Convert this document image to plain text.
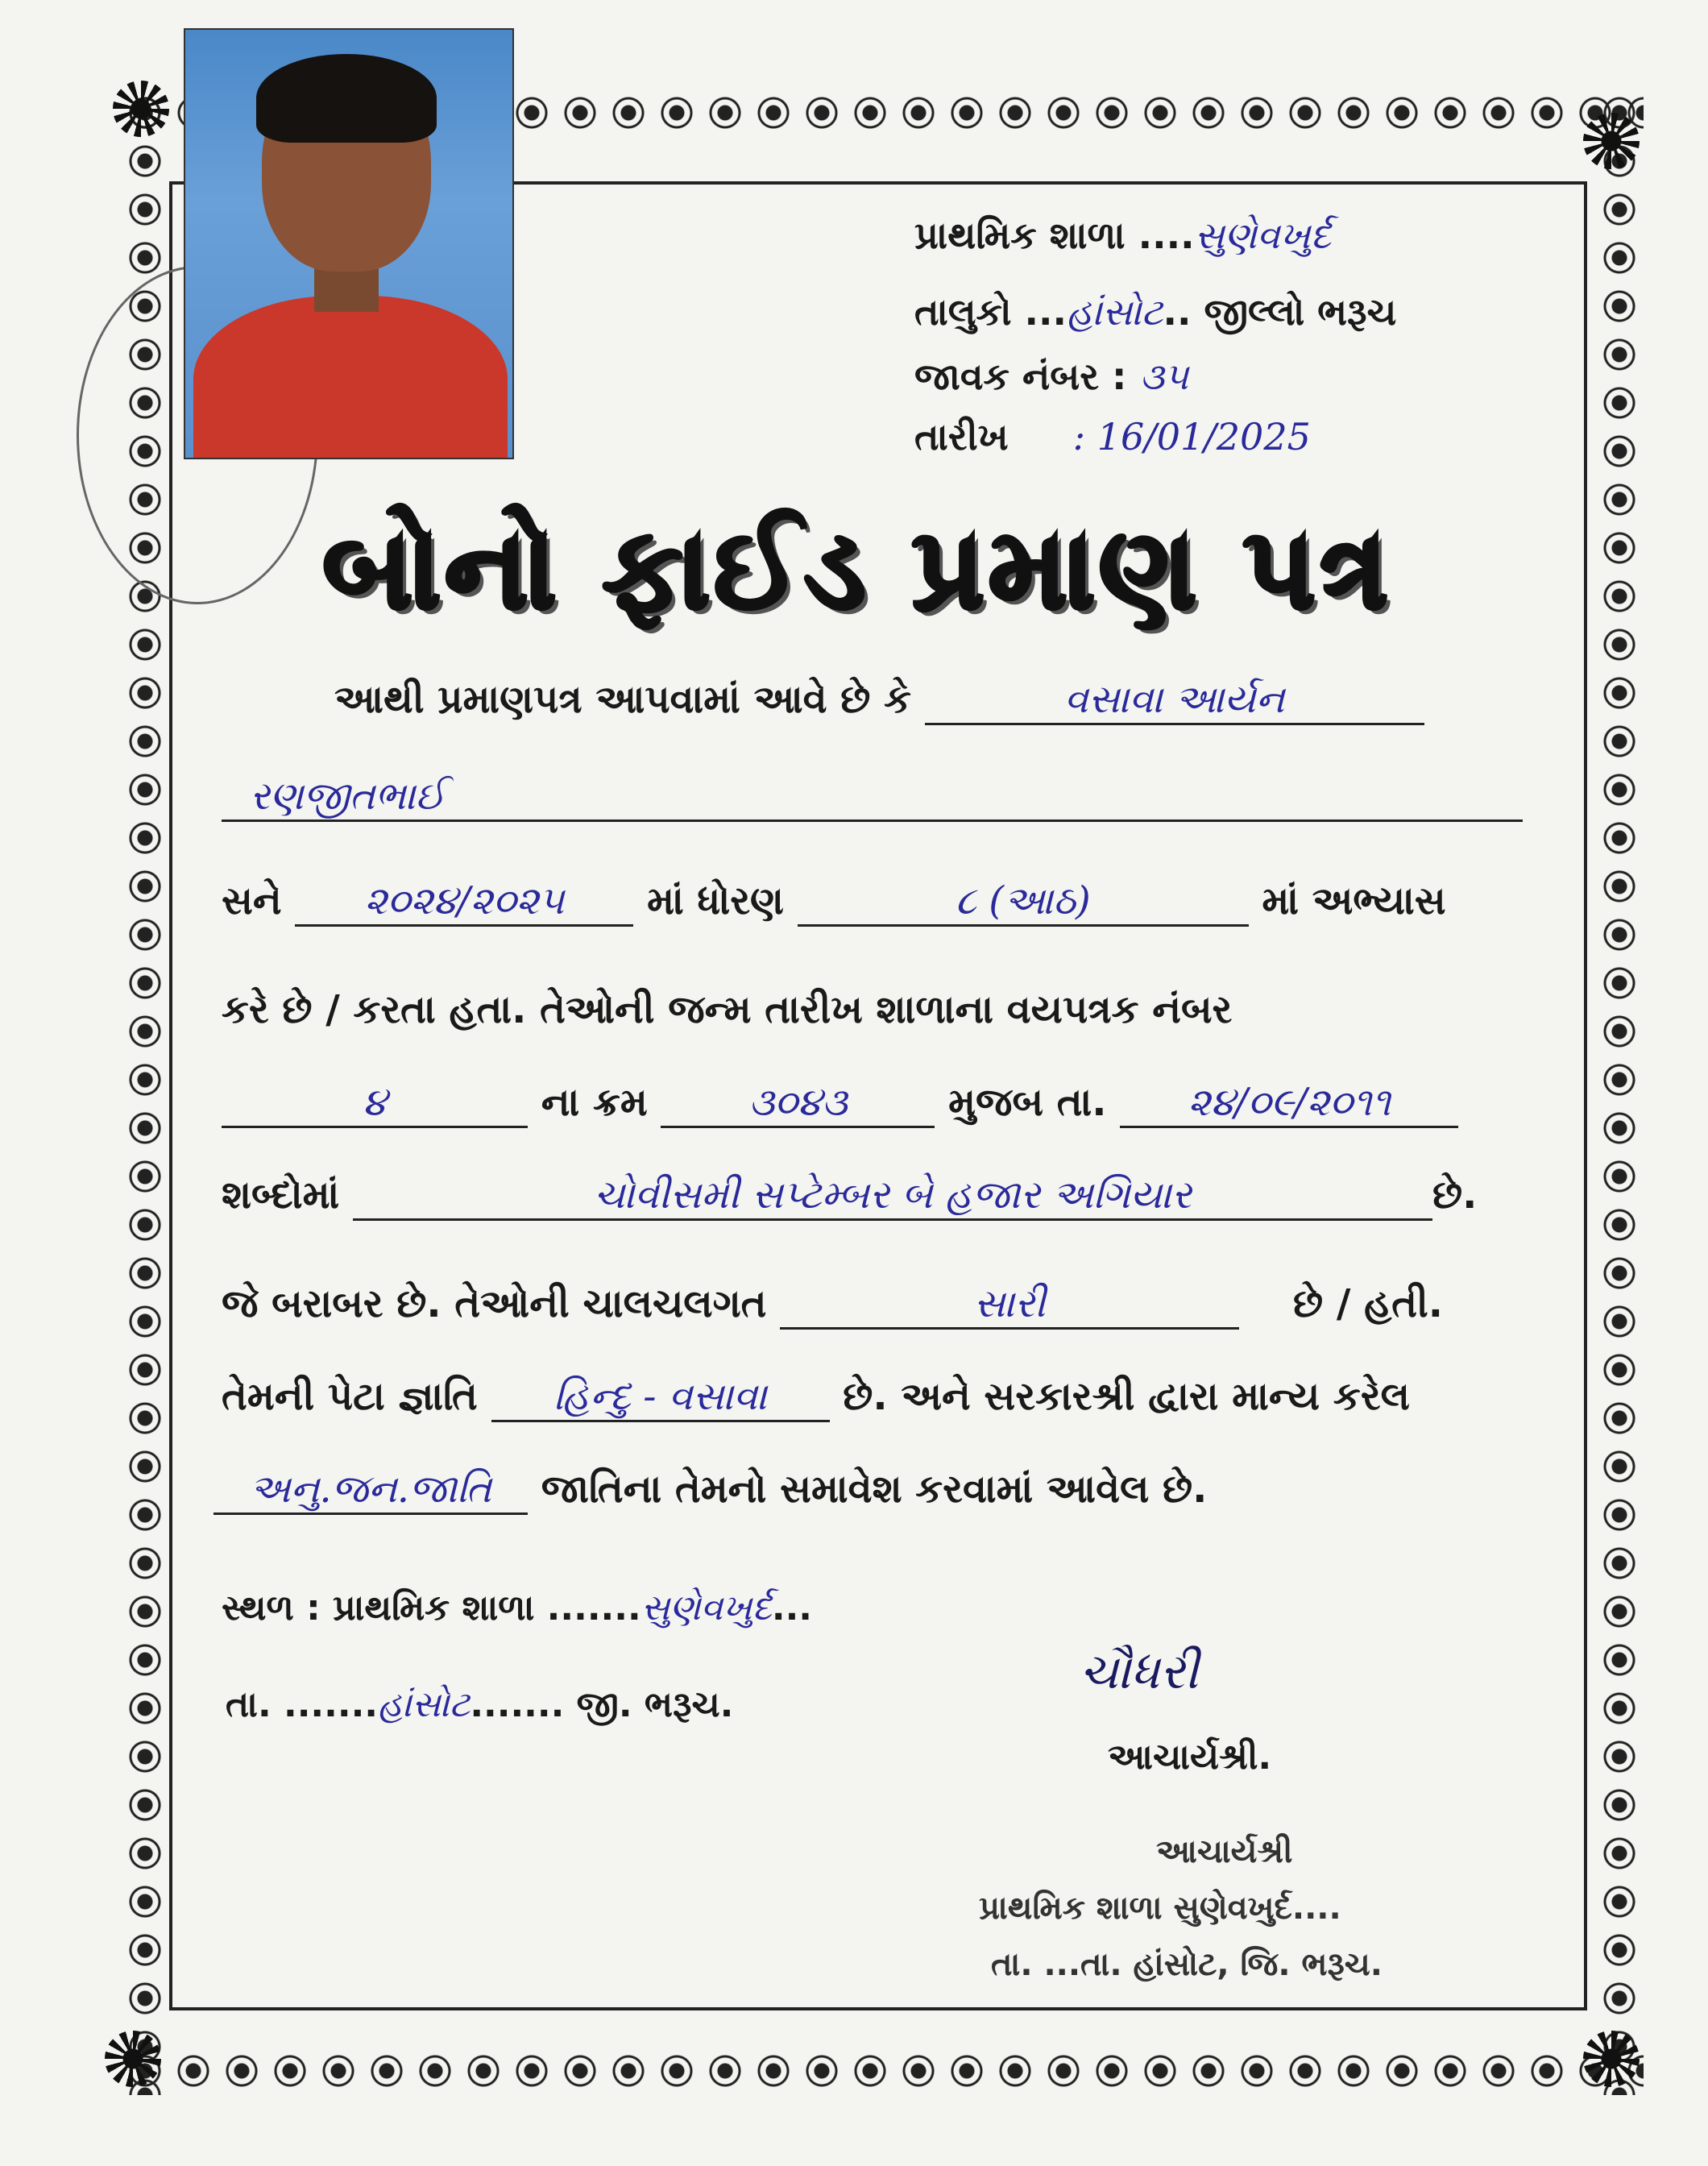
પ્રાથમિક શાળા ....સુણેવખુર્દ
તાલુકો ...હાંસોટ.. જીલ્લો ભરૂચ
જાવક નંબર : ૩૫
તારીખ : 16/01/2025
બોનો ફાઈડ પ્રમાણ પત્ર
આથી પ્રમાણપત્ર આપવામાં આવે છે કે	વસાવા આર્યન
રણજીતભાઈ
સને ૨૦૨૪/૨૦૨૫ માં ધોરણ	૮ (આઠ)	માં અભ્યાસ
કરે છે / કરતા હતા. તેઓની જન્મ તારીખ શાળાના વયપત્રક નંબર
૪	ના ક્રમ	૩૦૪૩	મુજબ તા. ૨૪/૦૯/૨૦૧૧
શબ્દોમાં	ચોવીસમી સપ્ટેમ્બર બે હજાર અગિયાર	છે.
જે બરાબર છે. તેઓની ચાલચલગત	સારી	છે / હતી.
તેમની પેટા જ્ઞાતિ હિન્દુ - વસાવા છે. અને સરકારશ્રી દ્વારા માન્ય કરેલ
અનુ.જન.જાતિ જાતિના તેમનો સમાવેશ કરવામાં આવેલ છે.
સ્થળ : પ્રાથમિક શાળા .......સુણેવખુર્દ...
તા. .......હાંસોટ....... જી. ભરૂચ.
ચૌધરી
આચાર્યશ્રી.
આચાર્યશ્રી
પ્રાથમિક શાળા સુણેવખુર્દ....
તા. ...તા. હાંસોટ, જિ. ભરૂચ.
